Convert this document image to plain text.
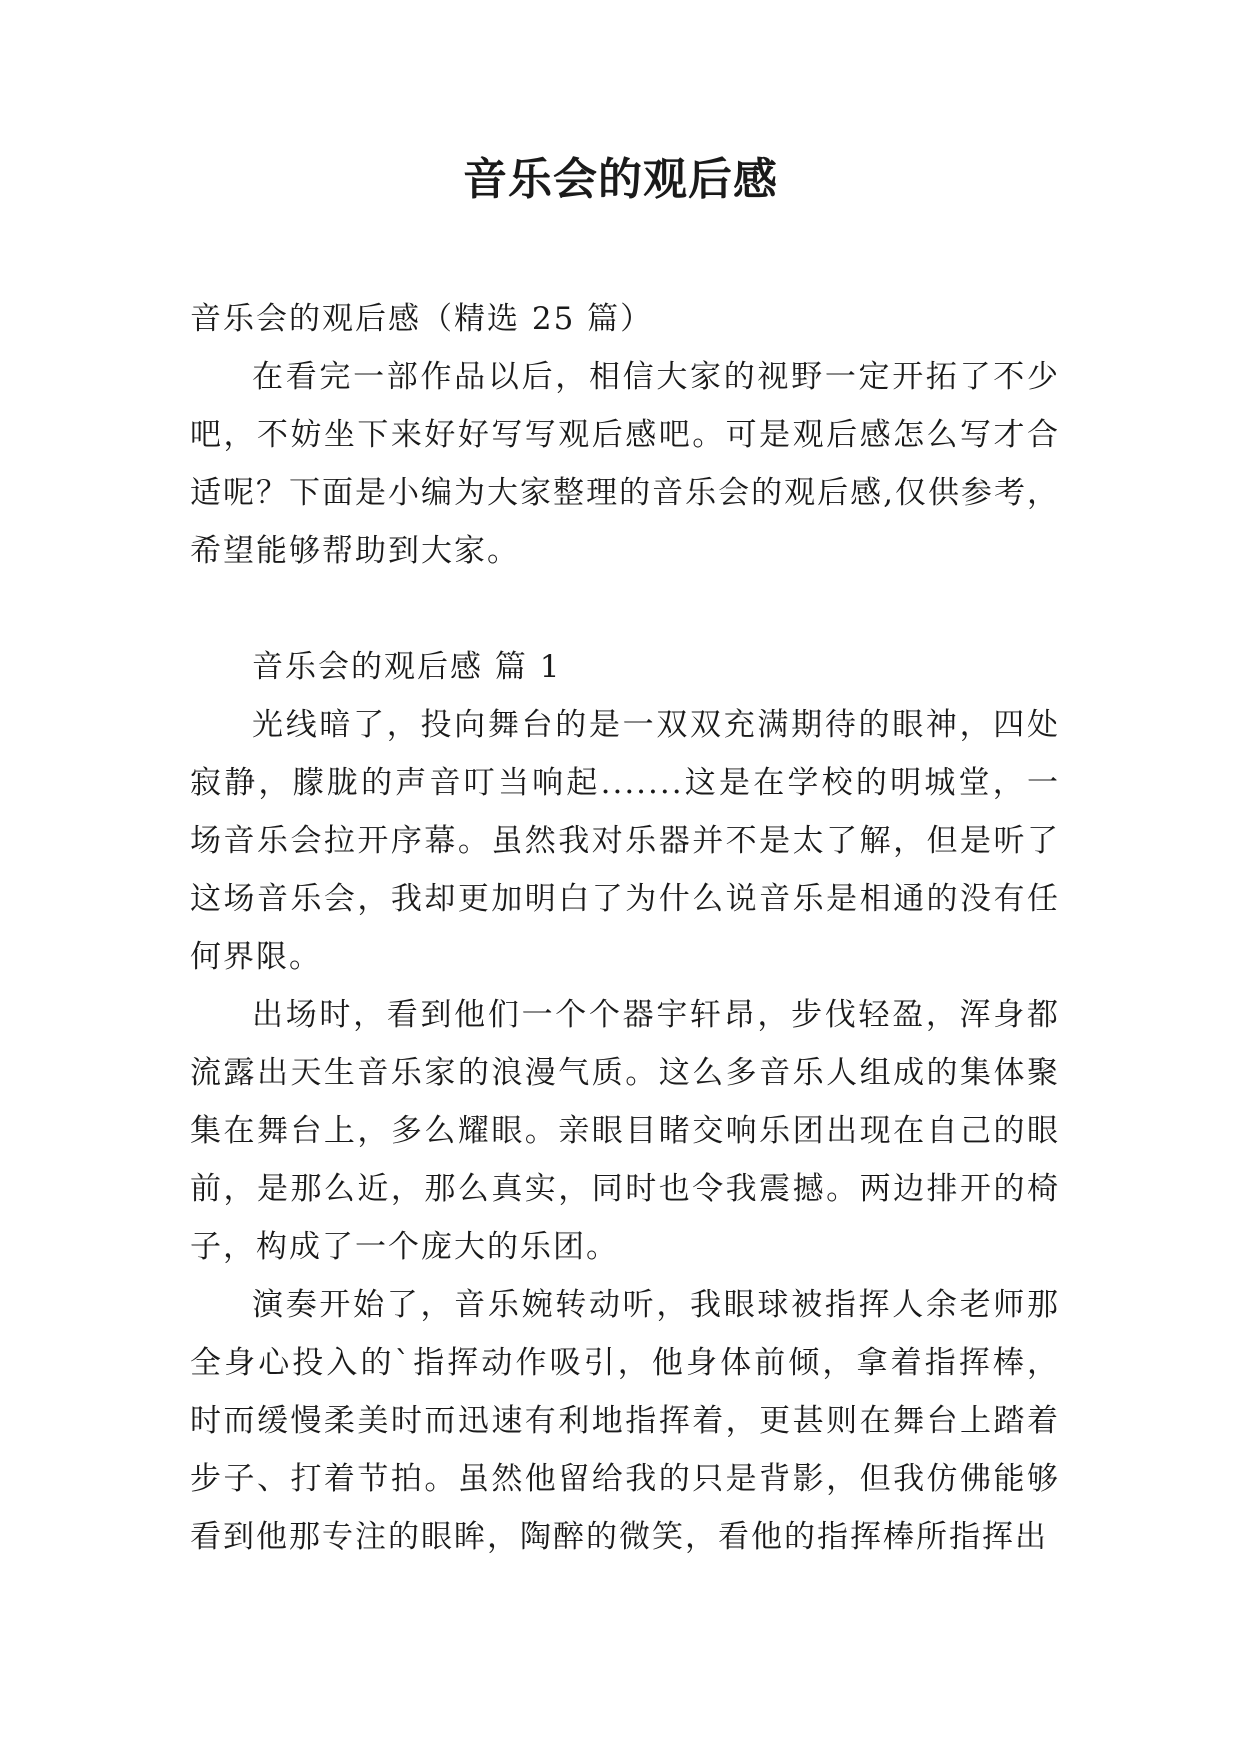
音乐会的观后感

音乐会的观后感（精选 25 篇）

在看完一部作品以后，相信大家的视野一定开拓了不少吧，不妨坐下来好好写写观后感吧。可是观后感怎么写才合适呢？下面是小编为大家整理的音乐会的观后感,仅供参考，希望能够帮助到大家。

音乐会的观后感 篇 1

光线暗了，投向舞台的是一双双充满期待的眼神，四处寂静，朦胧的声音叮当响起.......这是在学校的明城堂，一场音乐会拉开序幕。虽然我对乐器并不是太了解，但是听了这场音乐会，我却更加明白了为什么说音乐是相通的没有任何界限。

出场时，看到他们一个个器宇轩昂，步伐轻盈，浑身都流露出天生音乐家的浪漫气质。这么多音乐人组成的集体聚集在舞台上，多么耀眼。亲眼目睹交响乐团出现在自己的眼前，是那么近，那么真实，同时也令我震撼。两边排开的椅子，构成了一个庞大的乐团。

演奏开始了，音乐婉转动听，我眼球被指挥人余老师那全身心投入的`指挥动作吸引，他身体前倾，拿着指挥棒，时而缓慢柔美时而迅速有利地指挥着，更甚则在舞台上踏着步子、打着节拍。虽然他留给我的只是背影，但我仿佛能够看到他那专注的眼眸，陶醉的微笑，看他的指挥棒所指挥出
